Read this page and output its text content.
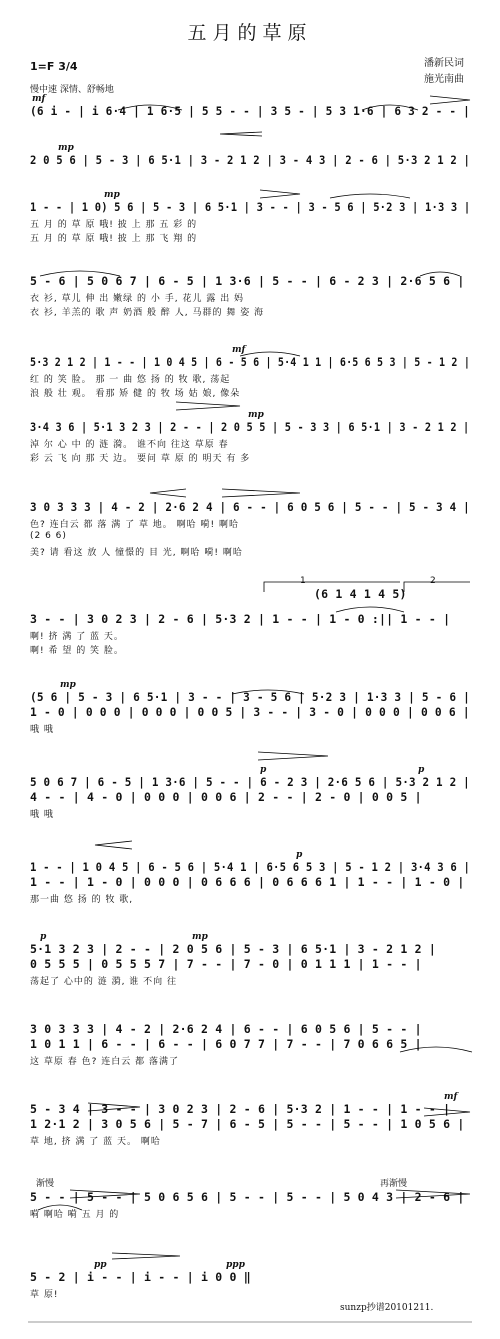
五月的草原
潘新民词
施光南曲
1=F 3/4
慢中速 深情、舒畅地
(6 i - | i 6·4 | 1 6·5 | 5 5 - - | 3 5 - | 5 3 1·6 | 6 3 2 - - |
mf
2 0 5 6 | 5 - 3 | 6 5·1 | 3 - 2 1 2 | 3 - 4 3 | 2 - 6 | 5·3 2 1 2 |
mp
1 - - | 1 0) 5 6 | 5 - 3 | 6 5·1 | 3 - - | 3 - 5 6 | 5·2 3 | 1·3 3 |
五 月 的 草 原 哦! 披 上 那 五 彩 的
五 月 的 草 原 哦! 披 上 那 飞 翔 的
mp
5 - 6 | 5 0 6 7 | 6 - 5 | 1 3·6 | 5 - - | 6 - 2 3 | 2·6 5 6 |
衣 衫, 草儿 伸 出 嫩绿 的 小 手, 花儿 露 出 妈
衣 衫, 羊羔的 歌 声 奶酒 般 醉 人, 马群的 舞 姿 海
5·3 2 1 2 | 1 - - | 1 0 4 5 | 6 - 5 6 | 5·4 1 1 | 6·5 6 5 3 | 5 - 1 2 |
红 的 笑 脸。 那 一 曲 悠 扬 的 牧 歌, 荡起
浪 般 壮 观。 看那 矫 健 的 牧 场 姑 娘, 像朵
mf
3·4 3 6 | 5·1 3 2 3 | 2 - - | 2 0 5 5 | 5 - 3 3 | 6 5·1 | 3 - 2 1 2 |
淖 尔 心 中 的 涟 漪。 谁不向 往这 草原 春
彩 云 飞 向 那 天 边。 要问 草 原 的 明天 有 多
mp
3 0 3 3 3 | 4 - 2 | 2·6 2 4 | 6 - - | 6 0 5 6 | 5 - - | 5 - 3 4 |
色? 连白云 都 落 满 了 草 地。 啊哈 嗬! 啊哈
(2 6 6)
美? 请 看这 放 人 憧憬的 目 光, 啊哈 嗬! 啊哈
3 - - | 3 0 2 3 | 2 - 6 | 5·3 2 | 1 - - | 1 - 0 :|| 1 - - |
啊! 挤 满 了 蓝 天。
啊! 希 望 的 笑 脸。
1	2
(6 1 4 1 4 5)
(5 6 | 5 - 3 | 6 5·1 | 3 - - | 3 - 5 6 | 5·2 3 | 1·3 3 | 5 - 6 |
1 - 0 | 0 0 0 | 0 0 0 | 0 0 5 | 3 - - | 3 - 0 | 0 0 0 | 0 0 6 |
哦 哦
mp
5 0 6 7 | 6 - 5 | 1 3·6 | 5 - - | 6 - 2 3 | 2·6 5 6 | 5·3 2 1 2 |
4 - - | 4 - 0 | 0 0 0 | 0 0 6 | 2 - - | 2 - 0 | 0 0 5 |
哦 哦
p	p
1 - - | 1 0 4 5 | 6 - 5 6 | 5·4 1 | 6·5 6 5 3 | 5 - 1 2 | 3·4 3 6 |
1 - - | 1 - 0 | 0 0 0 | 0 6 6 6 | 0 6 6 6 1 | 1 - - | 1 - 0 |
那一曲 悠 扬 的 牧 歌,
p
5·1 3 2 3 | 2 - - | 2 0 5 6 | 5 - 3 | 6 5·1 | 3 - 2 1 2 |
0 5 5 5 | 0 5 5 5 7 | 7 - - | 7 - 0 | 0 1 1 1 | 1 - - |
荡起了 心中的 涟 漪, 谁 不向 往
mp
p
3 0 3 3 3 | 4 - 2 | 2·6 2 4 | 6 - - | 6 0 5 6 | 5 - - |
1 0 1 1 | 6 - - | 6 - - | 6 0 7 7 | 7 - - | 7 0 6 6 5 |
这 草原 春 色? 连白云 都 落满了
5 - 3 4 | 3 - - | 3 0 2 3 | 2 - 6 | 5·3 2 | 1 - - | 1 - - |
1 2·1 2 | 3 0 5 6 | 5 - 7 | 6 - 5 | 5 - - | 5 - - | 1 0 5 6 |
草 地, 挤 满 了 蓝 天。 啊哈
mf
5 - - | 5 - - | 5 0 6 5 6 | 5 - - | 5 - - | 5 0 4 3 | 2 - 6 |
嗬 啊哈 嗬 五 月 的
渐慢	再渐慢
5 - 2 | i - - | i - - | i 0 0 ‖
草 原!
pp	ppp
sunzp抄谱20101211.
